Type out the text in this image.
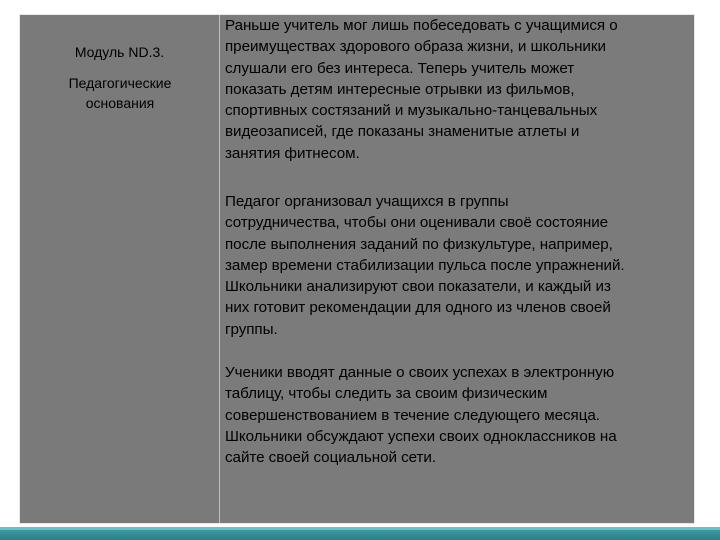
Модуль ND.3.
Педагогические
основания

Раньше учитель мог лишь побеседовать с учащимися о
преимуществах здорового образа жизни, и школьники
слушали его без интереса. Теперь учитель может
показать детям интересные отрывки из фильмов,
спортивных состязаний и музыкально-танцевальных
видеозаписей, где показаны знаменитые атлеты и
занятия фитнесом.

Педагог организовал учащихся в группы
сотрудничества, чтобы они оценивали своё состояние
после выполнения заданий по физкультуре, например,
замер времени стабилизации пульса после упражнений.
Школьники анализируют свои показатели, и каждый из
них готовит рекомендации для одного из членов своей
группы.

Ученики вводят данные о своих успехах в электронную
таблицу, чтобы следить за своим физическим
совершенствованием в течение следующего месяца.
Школьники обсуждают успехи своих одноклассников на
сайте своей социальной сети.
